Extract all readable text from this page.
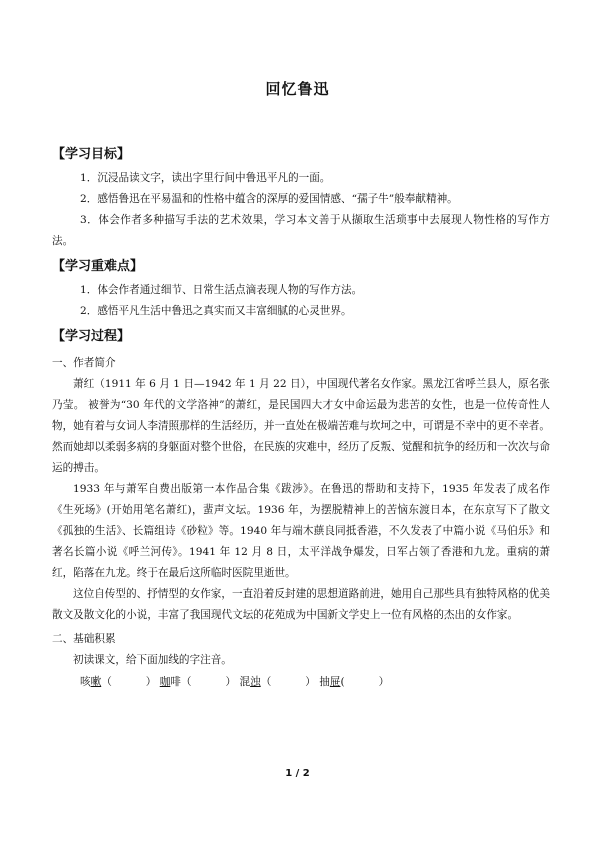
回忆鲁迅
【学习目标】

1．沉浸品读文字，读出字里行间中鲁迅平凡的一面。

2．感悟鲁迅在平易温和的性格中蕴含的深厚的爱国情感、“孺子牛”般奉献精神。

3．体会作者多种描写手法的艺术效果，学习本文善于从撷取生活琐事中去展现人物性格的写作方法。

【学习重难点】

1．体会作者通过细节、日常生活点滴表现人物的写作方法。

2．感悟平凡生活中鲁迅之真实而又丰富细腻的心灵世界。

【学习过程】

一、作者简介

萧红（1911 年 6 月 1 日—1942 年 1 月 22 日），中国现代著名女作家。黑龙江省呼兰县人，原名张乃莹。 被誉为“30 年代的文学洛神”的萧红，是民国四大才女中命运最为悲苦的女性，也是一位传奇性人物，她有着与女词人李清照那样的生活经历，并一直处在极端苦难与坎坷之中，可谓是不幸中的更不幸者。然而她却以柔弱多病的身躯面对整个世俗，在民族的灾难中，经历了反叛、觉醒和抗争的经历和一次次与命运的搏击。

1933 年与萧军自费出版第一本作品合集《跋涉》。在鲁迅的帮助和支持下，1935 年发表了成名作《生死场》(开始用笔名萧红)，蜚声文坛。1936 年，为摆脱精神上的苦恼东渡日本，在东京写下了散文《孤独的生活》、长篇组诗《砂粒》等。1940 年与端木蕻良同抵香港，不久发表了中篇小说《马伯乐》和著名长篇小说《呼兰河传》。1941 年 12 月 8 日，太平洋战争爆发，日军占领了香港和九龙。重病的萧红，陷落在九龙。终于在最后这所临时医院里逝世。

这位自传型的、抒情型的女作家，一直沿着反封建的思想道路前进，她用自己那些具有独特风格的优美散文及散文化的小说，丰富了我国现代文坛的花苑成为中国新文学史上一位有风格的杰出的女作家。

二、基础积累

初读课文，给下面加线的字注音。

咳嗽（	） 咖啡（	） 混浊（	） 抽屉(	）

1 / 2
